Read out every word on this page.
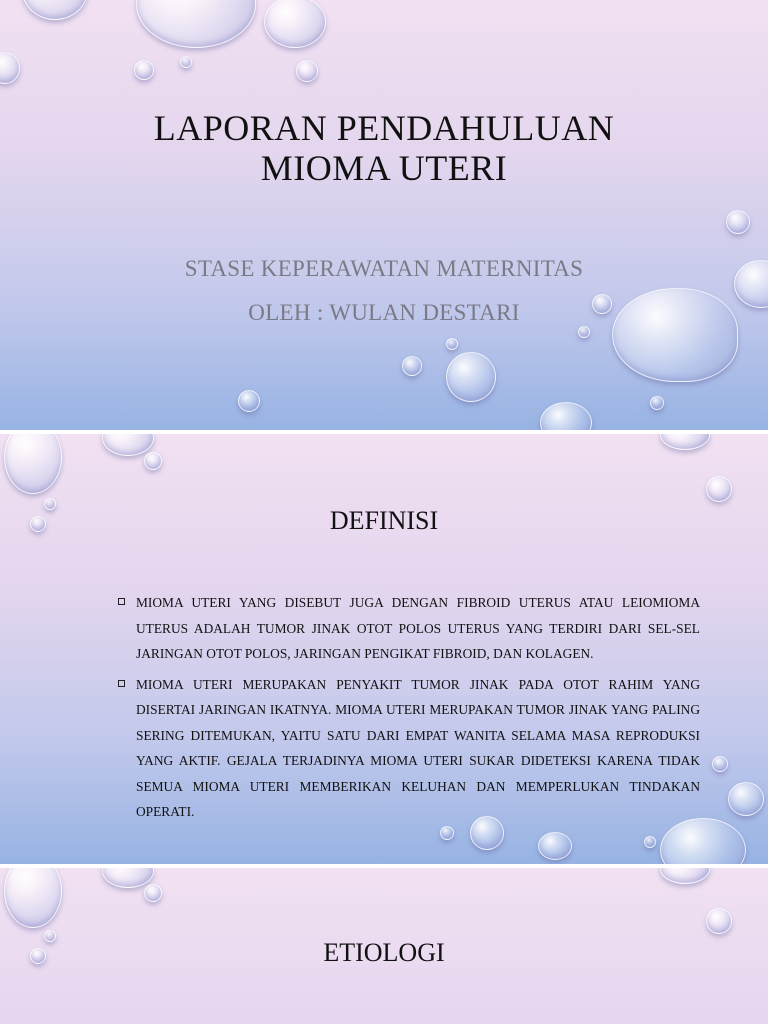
LAPORAN PENDAHULUAN
MIOMA UTERI
STASE KEPERAWATAN MATERNITAS
OLEH : WULAN DESTARI
DEFINISI
MIOMA UTERI YANG DISEBUT JUGA DENGAN FIBROID UTERUS ATAU LEIOMIOMA UTERUS ADALAH TUMOR JINAK OTOT POLOS UTERUS YANG TERDIRI DARI SEL-SEL JARINGAN OTOT POLOS, JARINGAN PENGIKAT FIBROID, DAN KOLAGEN.
MIOMA UTERI MERUPAKAN PENYAKIT TUMOR JINAK PADA OTOT RAHIM YANG DISERTAI JARINGAN IKATNYA. MIOMA UTERI MERUPAKAN TUMOR JINAK YANG PALING SERING DITEMUKAN, YAITU SATU DARI EMPAT WANITA SELAMA MASA REPRODUKSI YANG AKTIF. GEJALA TERJADINYA MIOMA UTERI SUKAR DIDETEKSI KARENA TIDAK SEMUA MIOMA UTERI MEMBERIKAN KELUHAN DAN MEMPERLUKAN TINDAKAN OPERATI.
ETIOLOGI
